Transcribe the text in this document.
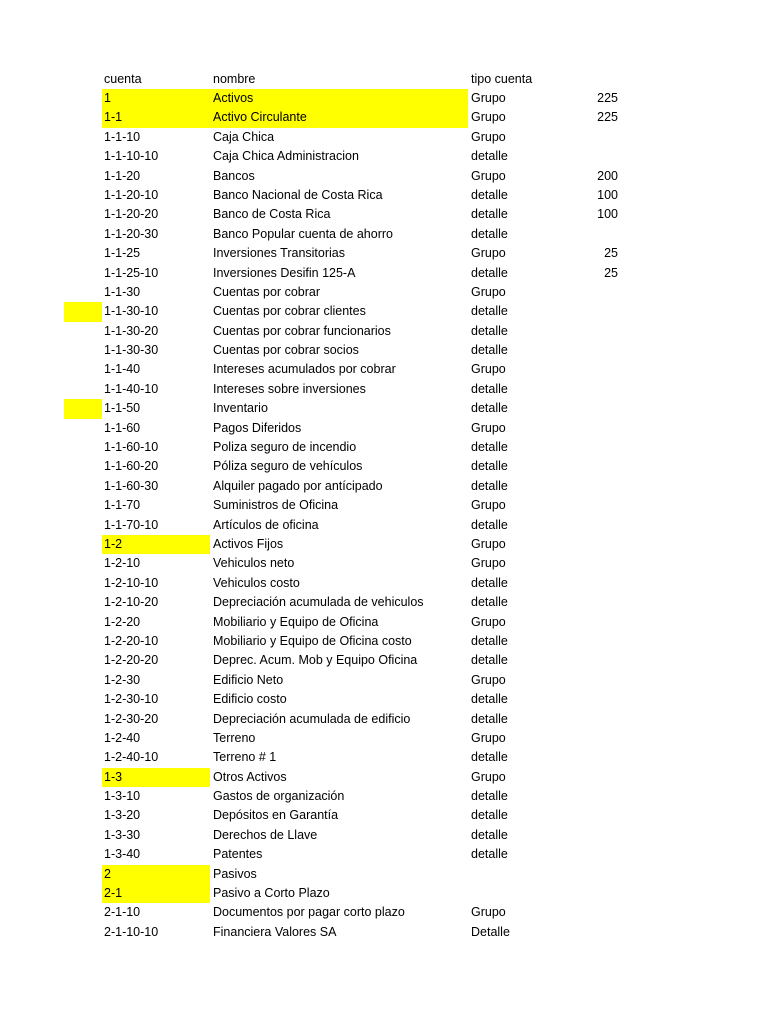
cuenta	nombre	tipo cuenta
1	Activos	Grupo	225
1-1	Activo Circulante	Grupo	225
1-1-10	Caja Chica	Grupo
1-1-10-10	Caja Chica Administracion	detalle
1-1-20	Bancos	Grupo	200
1-1-20-10	Banco Nacional de Costa Rica	detalle	100
1-1-20-20	Banco de Costa Rica	detalle	100
1-1-20-30	Banco Popular cuenta de ahorro	detalle
1-1-25	Inversiones Transitorias	Grupo	25
1-1-25-10	Inversiones Desifin 125-A	detalle	25
1-1-30	Cuentas por cobrar	Grupo
1-1-30-10	Cuentas por cobrar clientes	detalle
1-1-30-20	Cuentas por cobrar funcionarios	detalle
1-1-30-30	Cuentas por cobrar socios	detalle
1-1-40	Intereses acumulados por cobrar	Grupo
1-1-40-10	Intereses sobre inversiones	detalle
1-1-50	Inventario	detalle
1-1-60	Pagos Diferidos	Grupo
1-1-60-10	Poliza seguro de incendio	detalle
1-1-60-20	Póliza seguro de vehículos	detalle
1-1-60-30	Alquiler pagado por antícipado	detalle
1-1-70	Suministros de Oficina	Grupo
1-1-70-10	Artículos de oficina	detalle
1-2	Activos Fijos	Grupo
1-2-10	Vehiculos neto	Grupo
1-2-10-10	Vehiculos costo	detalle
1-2-10-20	Depreciación acumulada de vehiculos	detalle
1-2-20	Mobiliario y Equipo de Oficina	Grupo
1-2-20-10	Mobiliario y Equipo de Oficina costo	detalle
1-2-20-20	Deprec. Acum. Mob y Equipo Oficina	detalle
1-2-30	Edificio Neto	Grupo
1-2-30-10	Edificio costo	detalle
1-2-30-20	Depreciación acumulada de edificio	detalle
1-2-40	Terreno	Grupo
1-2-40-10	Terreno # 1	detalle
1-3	Otros Activos	Grupo
1-3-10	Gastos de organización	detalle
1-3-20	Depósitos en Garantía	detalle
1-3-30	Derechos de Llave	detalle
1-3-40	Patentes	detalle
2	Pasivos
2-1	Pasivo a Corto Plazo
2-1-10	Documentos por pagar corto plazo	Grupo
2-1-10-10	Financiera Valores SA	Detalle
